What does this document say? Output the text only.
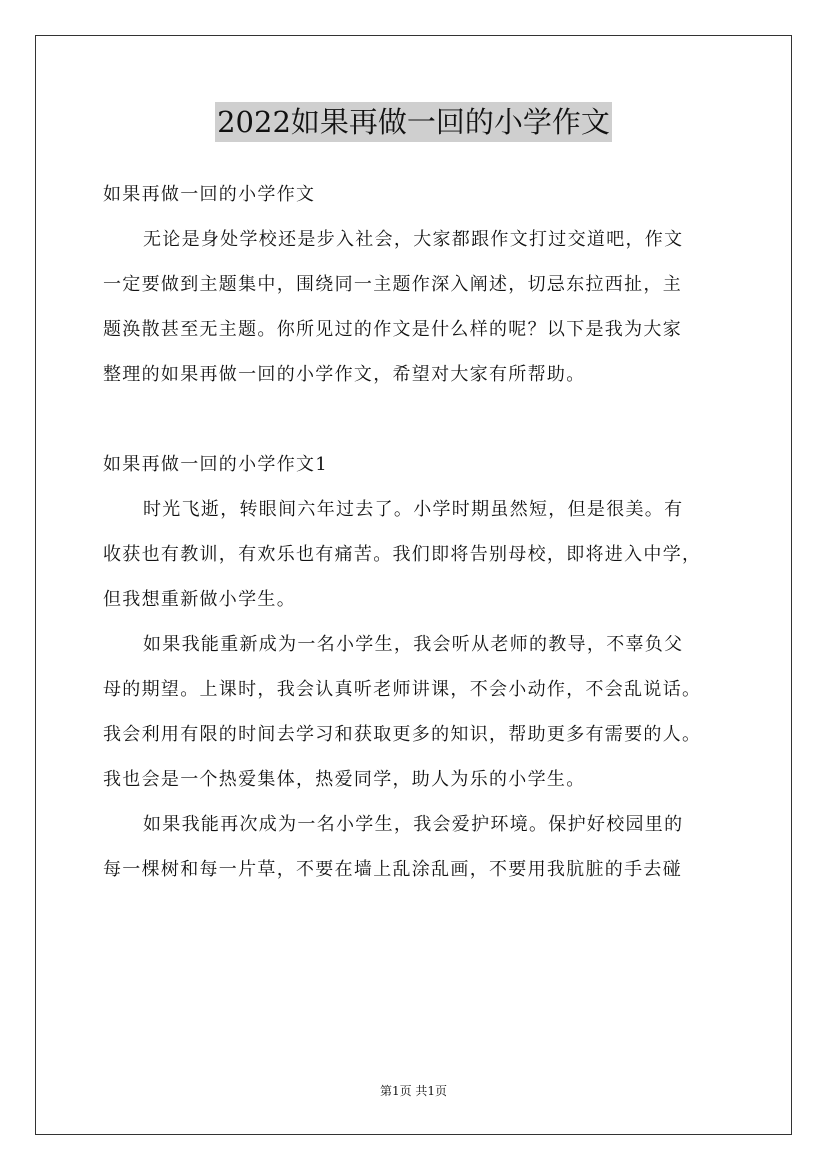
2022如果再做一回的小学作文
如果再做一回的小学作文
无论是身处学校还是步入社会，大家都跟作文打过交道吧，作文
一定要做到主题集中，围绕同一主题作深入阐述，切忌东拉西扯，主
题涣散甚至无主题。你所见过的作文是什么样的呢？以下是我为大家
整理的如果再做一回的小学作文，希望对大家有所帮助。
如果再做一回的小学作文1
时光飞逝，转眼间六年过去了。小学时期虽然短，但是很美。有
收获也有教训，有欢乐也有痛苦。我们即将告别母校，即将进入中学，
但我想重新做小学生。
如果我能重新成为一名小学生，我会听从老师的教导，不辜负父
母的期望。上课时，我会认真听老师讲课，不会小动作，不会乱说话。
我会利用有限的时间去学习和获取更多的知识，帮助更多有需要的人。
我也会是一个热爱集体，热爱同学，助人为乐的小学生。
如果我能再次成为一名小学生，我会爱护环境。保护好校园里的
每一棵树和每一片草，不要在墙上乱涂乱画，不要用我肮脏的手去碰
第1页 共1页
